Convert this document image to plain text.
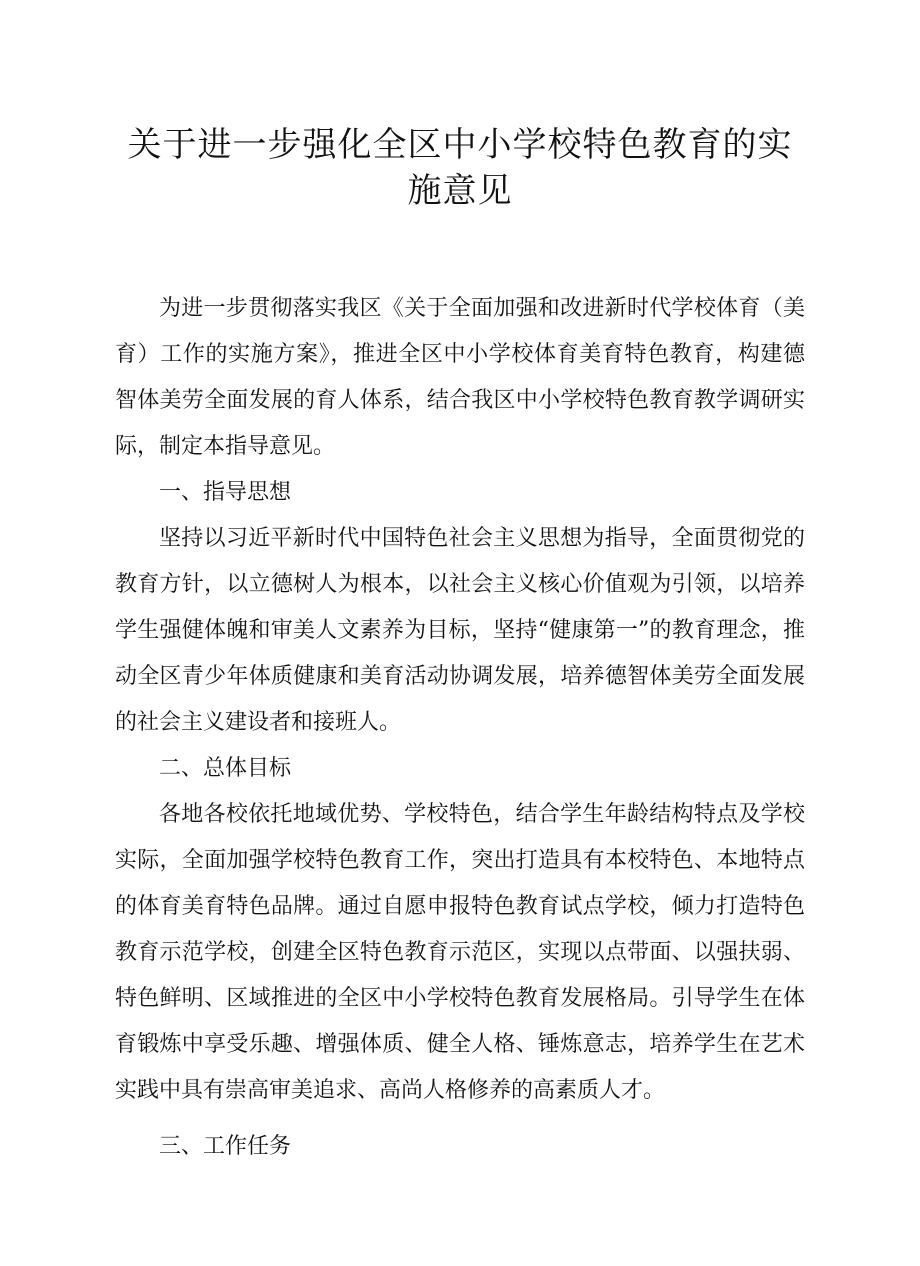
关于进一步强化全区中小学校特色教育的实
施意见

为进一步贯彻落实我区《关于全面加强和改进新时代学校体育（美育）工作的实施方案》，推进全区中小学校体育美育特色教育，构建德智体美劳全面发展的育人体系，结合我区中小学校特色教育教学调研实际，制定本指导意见。

一、指导思想

坚持以习近平新时代中国特色社会主义思想为指导，全面贯彻党的教育方针，以立德树人为根本，以社会主义核心价值观为引领，以培养学生强健体魄和审美人文素养为目标，坚持“健康第一”的教育理念，推动全区青少年体质健康和美育活动协调发展，培养德智体美劳全面发展的社会主义建设者和接班人。

二、总体目标

各地各校依托地域优势、学校特色，结合学生年龄结构特点及学校实际，全面加强学校特色教育工作，突出打造具有本校特色、本地特点的体育美育特色品牌。通过自愿申报特色教育试点学校，倾力打造特色教育示范学校，创建全区特色教育示范区，实现以点带面、以强扶弱、特色鲜明、区域推进的全区中小学校特色教育发展格局。引导学生在体育锻炼中享受乐趣、增强体质、健全人格、锤炼意志，培养学生在艺术实践中具有崇高审美追求、高尚人格修养的高素质人才。

三、工作任务
